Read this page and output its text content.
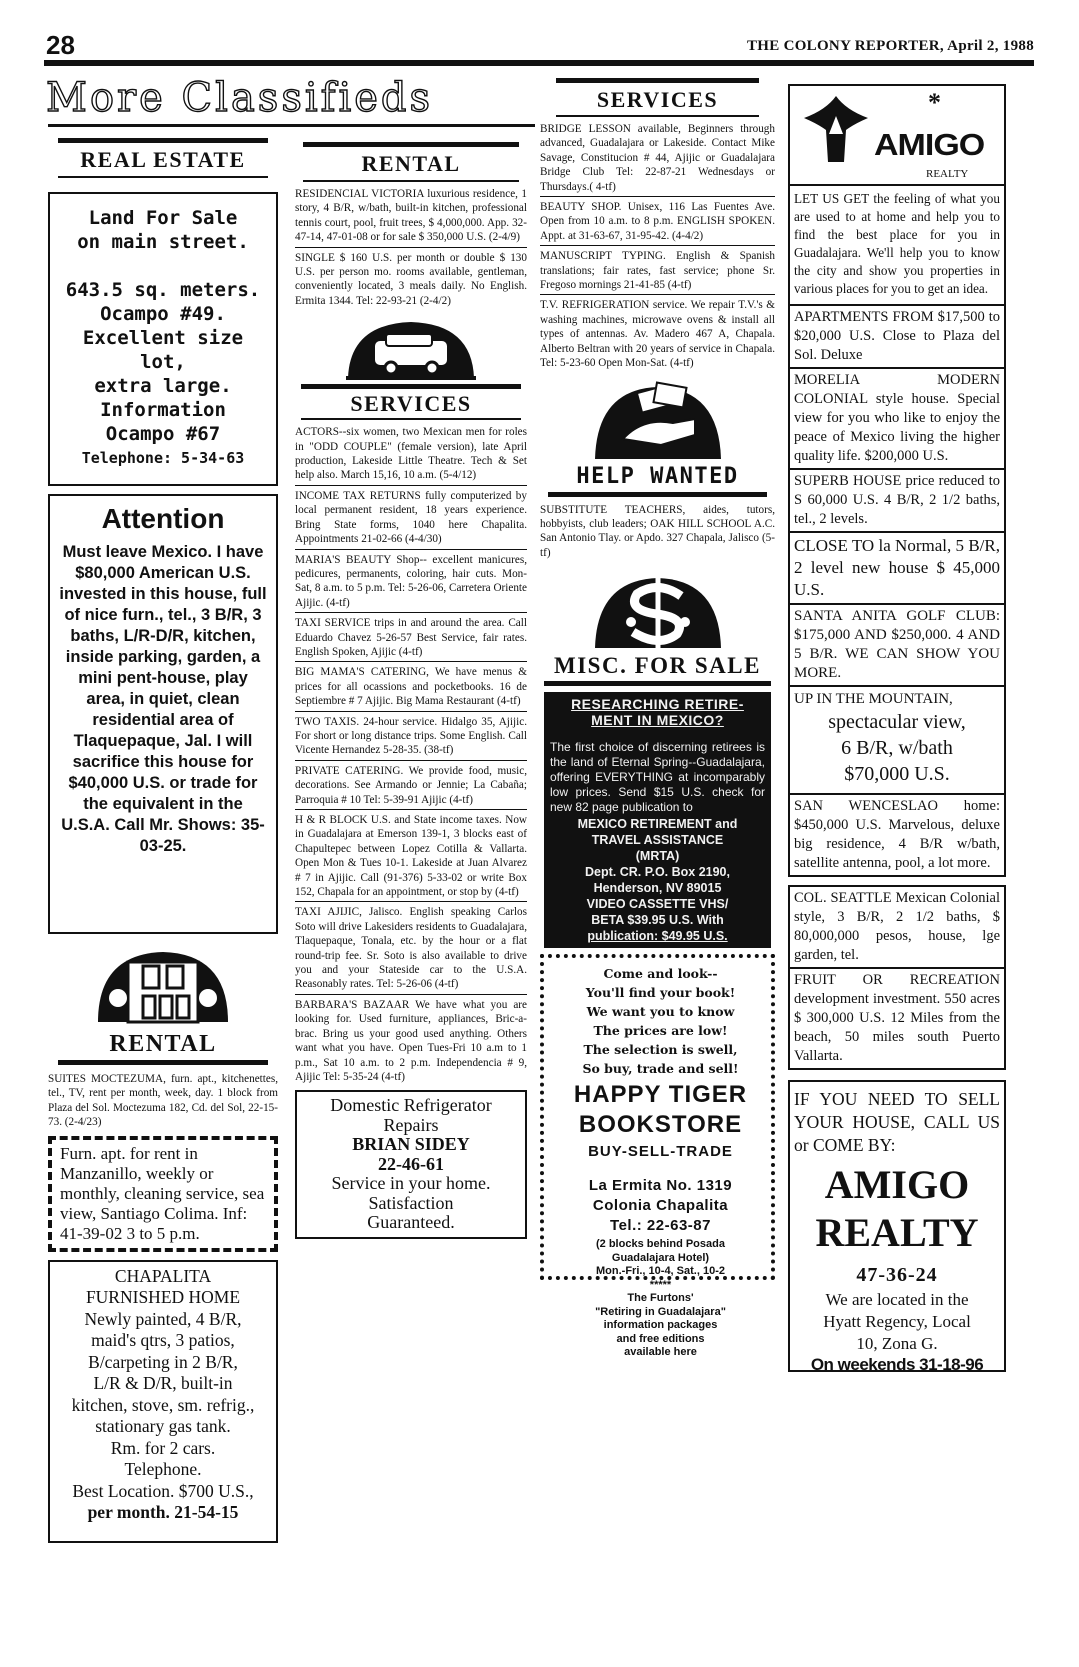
28	THE COLONY REPORTER, April 2, 1988
More Classifieds
REAL ESTATE
Land For Sale
on main street.
643.5 sq. meters.
Ocampo #49.
Excellent size lot,
extra large.
Information
Ocampo #67
Telephone: 5-34-63
Attention
Must leave Mexico. I have $80,000 American U.S. invested in this house, full of nice furn., tel., 3 B/R, 3 baths, L/R-D/R, kitchen, inside parking, garden, a mini pent-house, play area, in quiet, clean residential area of Tlaquepaque, Jal. I will sacrifice this house for $40,000 U.S. or trade for the equivalent in the U.S.A. Call Mr. Shows: 35-03-25.
RENTAL
SUITES MOCTEZUMA, furn. apt., kitchenettes, tel., TV, rent per month, week, day. 1 block from Plaza del Sol. Moctezuma 182, Cd. del Sol, 22-15-73. (2-4/23)
Furn. apt. for rent in Manzanillo, weekly or monthly, cleaning service, sea view, Santiago Colima. Inf: 41-39-02 3 to 5 p.m.
CHAPALITA
FURNISHED HOME
Newly painted, 4 B/R,
maid's qtrs, 3 patios,
B/carpeting in 2 B/R,
L/R & D/R, built-in
kitchen, stove, sm. refrig.,
stationary gas tank.
Rm. for 2 cars.
Telephone.
Best Location. $700 U.S.,
per month. 21-54-15
RENTAL
RESIDENCIAL VICTORIA luxurious residence, 1 story, 4 B/R, w/bath, built-in kitchen, professional tennis court, pool, fruit trees, $ 4,000,000. App. 32-47-14, 47-01-08 or for sale $ 350,000 U.S. (2-4/9)
SINGLE $ 160 U.S. per month or double $ 130 U.S. per person mo. rooms available, gentleman, conveniently located, 3 meals daily. No English. Ermita 1344. Tel: 22-93-21 (2-4/2)
SERVICES
ACTORS--six women, two Mexican men for roles in "ODD COUPLE" (female version), late April production, Lakeside Little Theatre. Tech & Set help also. March 15,16, 10 a.m. (5-4/12)
INCOME TAX RETURNS fully computerized by local permanent resident, 18 years experience. Bring State forms, 1040 here Chapalita. Appointments 21-02-66 (4-4/30)
MARIA'S BEAUTY Shop-- excellent manicures, pedicures, permanents, coloring, hair cuts. Mon-Sat, 8 a.m. to 5 p.m. Tel: 5-26-06, Carretera Oriente Ajijic. (4-tf)
TAXI SERVICE trips in and around the area. Call Eduardo Chavez 5-26-57 Best Service, fair rates. English Spoken, Ajijic (4-tf)
BIG MAMA'S CATERING, We have menus & prices for all ocassions and pocketbooks. 16 de Septiembre # 7 Ajijic. Big Mama Restaurant (4-tf)
TWO TAXIS. 24-hour service. Hidalgo 35, Ajijic. For short or long distance trips. Some English. Call Vicente Hernandez 5-28-35. (38-tf)
PRIVATE CATERING. We provide food, music, decorations. See Armando or Jennie; La Cabaña; Parroquia # 10 Tel: 5-39-91 Ajijic (4-tf)
H & R BLOCK U.S. and State income taxes. Now in Guadalajara at Emerson 139-1, 3 blocks east of Chapultepec between Lopez Cotilla & Vallarta. Open Mon & Tues 10-1. Lakeside at Juan Alvarez # 7 in Ajijic. Call (91-376) 5-33-02 or write Box 152, Chapala for an appointment, or stop by (4-tf)
TAXI AJIJIC, Jalisco. English speaking Carlos Soto will drive Lakesiders residents to Guadalajara, Tlaquepaque, Tonala, etc. by the hour or a flat round-trip fee. Sr. Soto is also available to drive you and your Stateside car to the U.S.A. Reasonably rates. Tel: 5-26-06 (4-tf)
BARBARA'S BAZAAR We have what you are looking for. Used furniture, appliances, Bric-a-brac. Bring us your good used anything. Others want what you have. Open Tues-Fri 10 a.m to 1 p.m., Sat 10 a.m. to 2 p.m. Independencia # 9, Ajijic Tel: 5-35-24 (4-tf)
Domestic Refrigerator
Repairs
BRIAN SIDEY
22-46-61
Service in your home.
Satisfaction
Guaranteed.
SERVICES
BRIDGE LESSON available, Beginners through advanced, Guadalajara or Lakeside. Contact Mike Savage, Constitucion # 44, Ajijic or Guadalajara Bridge Club Tel: 22-87-21 Wednesdays or Thursdays.( 4-tf)
BEAUTY SHOP. Unisex, 116 Las Fuentes Ave. Open from 10 a.m. to 8 p.m. ENGLISH SPOKEN. Appt. at 31-63-67, 31-95-42. (4-4/2)
MANUSCRIPT TYPING. English & Spanish translations; fair rates, fast service; phone Sr. Fregoso mornings 21-41-85 (4-tf)
T.V. REFRIGERATION service. We repair T.V.'s & washing machines, microwave ovens & install all types of antennas. Av. Madero 467 A, Chapala. Alberto Beltran with 20 years of service in Chapala. Tel: 5-23-60 Open Mon-Sat. (4-tf)
HELP WANTED
SUBSTITUTE TEACHERS, aides, tutors, hobbyists, club leaders; OAK HILL SCHOOL A.C. San Antonio Tlay. or Apdo. 327 Chapala, Jalisco (5-tf)
MISC. FOR SALE
RESEARCHING RETIRE-
MENT IN MEXICO?
The first choice of discerning retirees is the land of Eternal Spring--Guadalajara, offering EVERYTHING at incomparably low prices. Send $15 U.S. check for new 82 page publication to
MEXICO RETIREMENT and
TRAVEL ASSISTANCE
(MRTA)
Dept. CR. P.O. Box 2190,
Henderson, NV 89015
VIDEO CASSETTE VHS/
BETA $39.95 U.S. With
publication: $49.95 U.S.
Come and look--
You'll find your book!
We want you to know
The prices are low!
The selection is swell,
So buy, trade and sell!
HAPPY TIGER
BOOKSTORE
BUY-SELL-TRADE
La Ermita No. 1319
Colonia Chapalita
Tel.: 22-63-87
(2 blocks behind Posada
Guadalajara Hotel)
Mon.-Fri., 10-4, Sat., 10-2
*****
The Furtons'
"Retiring in Guadalajara"
information packages
and free editions
available here
*
AMIGO
REALTY
LET US GET the feeling of what you are used to at home and help you to find the best place for you in Guadalajara. We'll help you to know the city and show you properties in various places for you to get an idea.
APARTMENTS FROM $17,500 to $20,000 U.S. Close to Plaza del Sol. Deluxe
MORELIA MODERN COLONIAL style house. Special view for you who like to enjoy the peace of Mexico living the higher quality life. $200,000 U.S.
SUPERB HOUSE price reduced to S 60,000 U.S. 4 B/R, 2 1/2 baths, tel., 2 levels.
CLOSE TO la Normal, 5 B/R, 2 level new house $ 45,000 U.S.
SANTA ANITA GOLF CLUB: $175,000 AND $250,000. 4 AND 5 B/R. WE CAN SHOW YOU MORE.
UP IN THE MOUNTAIN,
spectacular view,
6 B/R, w/bath
$70,000 U.S.
SAN WENCESLAO home: $450,000 U.S. Marvelous, deluxe big residence, 4 B/R w/bath, satellite antenna, pool, a lot more.
COL. SEATTLE Mexican Colonial style, 3 B/R, 2 1/2 baths, $ 80,000,000 pesos, house, lge garden, tel.
FRUIT OR RECREATION development investment. 550 acres $ 300,000 U.S. 12 Miles from the beach, 50 miles south Puerto Vallarta.
IF YOU NEED TO SELL YOUR HOUSE, CALL US or COME BY:
AMIGO
REALTY
47-36-24
We are located in the
Hyatt Regency, Local
10, Zona G.
On weekends 31-18-96
